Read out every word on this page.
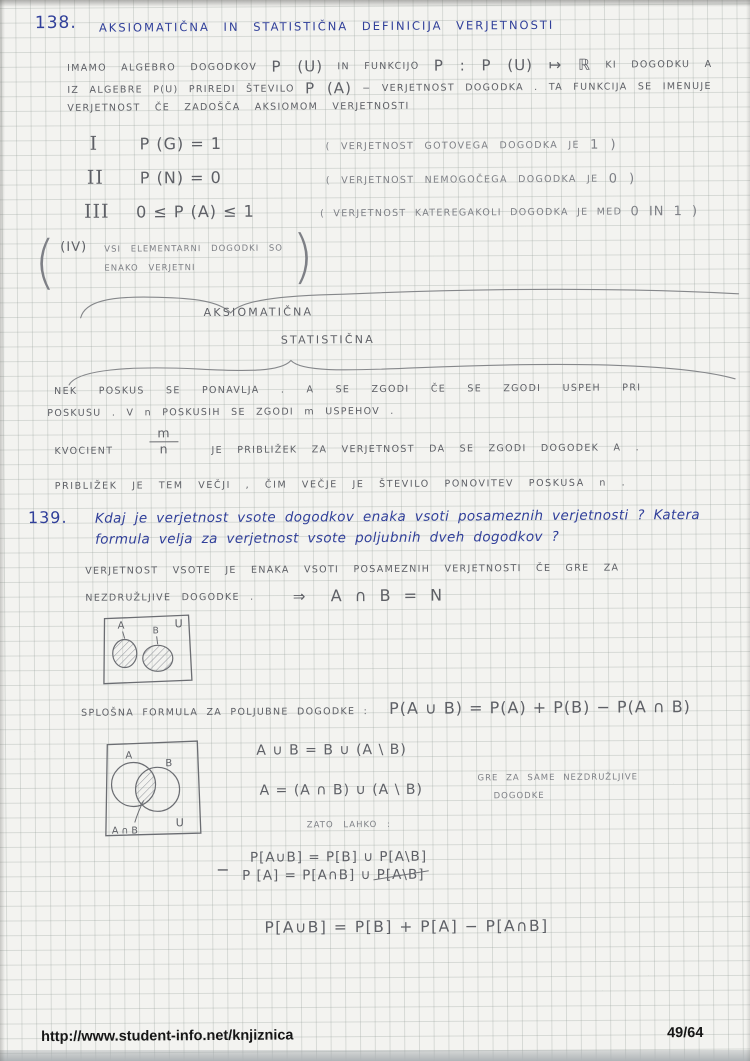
138. AKSIOMATIČNA IN STATISTIČNA DEFINICIJA VERJETNOSTI
IMAMO ALGEBRO DOGODKOV P (U) IN FUNKCIJO P : P (U) ↦ ℝ KI DOGODKU A
IZ ALGEBRE P(U) PRIREDI ŠTEVILO P (A) − VERJETNOST DOGODKA . TA FUNKCIJA SE IMENUJE
VERJETNOST ČE ZADOŠČA AKSIOMOM VERJETNOSTI
I	P (G) = 1	( VERJETNOST GOTOVEGA DOGODKA JE 1 )
II P (N) = 0	( VERJETNOST NEMOGOČEGA DOGODKA JE 0 )
III 0 ≤ P (A) ≤ 1	( VERJETNOST KATEREGAKOLI DOGODKA JE MED 0 IN 1 )
( (IV) VSI ELEMENTARNI DOGODKI SO
ENAKO VERJETNI )
AKSIOMATIČNA
STATISTIČNA
NEK POSKUS SE PONAVLJA . A SE ZGODI ČE SE ZGODI USPEH PRI
POSKUSU . V n POSKUSIH SE ZGODI m USPEHOV .
KVOCIENT	$\frac{m}{n}$	JE PRIBLIŽEK ZA VERJETNOST DA SE ZGODI DOGODEK A .
PRIBLIŽEK JE TEM VEČJI , ČIM VEČJE JE ŠTEVILO PONOVITEV POSKUSA n .
139. Kdaj je verjetnost vsote dogodkov enaka vsoti posameznih verjetnosti ? Katera
formula velja za verjetnost vsote poljubnih dveh dogodkov ?
VERJETNOST VSOTE JE ENAKA VSOTI POSAMEZNIH VERJETNOSTI ČE GRE ZA
NEZDRUŽLJIVE DOGODKE .	⇒ A ∩ B = N
A	B
U
SPLOŠNA FORMULA ZA POLJUBNE DOGODKE : P(A ∪ B) = P(A) + P(B) − P(A ∩ B)
A
B
A ∩ B
U
A ∪ B = B ∪ (A \ B)
A = (A ∩ B) ∪ (A \ B)
GRE ZA SAME NEZDRUŽLJIVE
DOGODKE
ZATO LAHKO :
−
P[A∪B] = P[B] ∪ P[A\B]
P [A] = P[A∩B] ∪ P[A\B]
P[A∪B] = P[B] + P[A] − P[A∩B]
http://www.student-info.net/knjiznica	49/64
